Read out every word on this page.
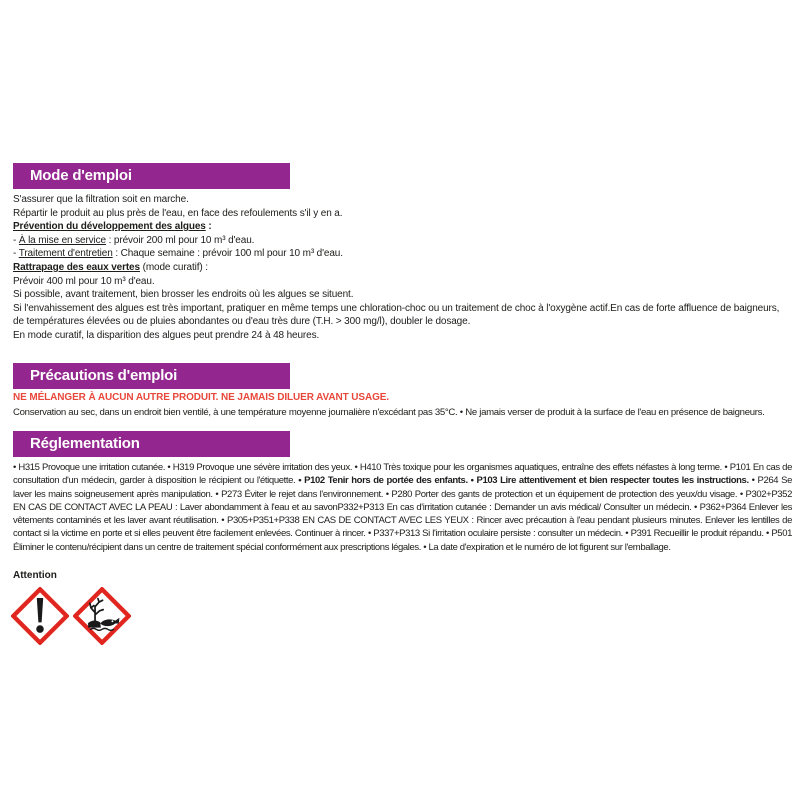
Mode d'emploi
S'assurer que la filtration soit en marche.
Répartir le produit au plus près de l'eau, en face des refoulements s'il y en a.
Prévention du développement des algues :
- À la mise en service : prévoir 200 ml pour 10 m³ d'eau.
- Traitement d'entretien : Chaque semaine : prévoir 100 ml pour 10 m³ d'eau.
Rattrapage des eaux vertes (mode curatif) :
Prévoir 400 ml pour 10 m³ d'eau.
Si possible, avant traitement, bien brosser les endroits où les algues se situent.
Si l'envahissement des algues est très important, pratiquer en même temps une chloration-choc ou un traitement de choc à l'oxygène actif.En cas de forte affluence de baigneurs, de températures élevées ou de pluies abondantes ou d'eau très dure (T.H. > 300 mg/l), doubler le dosage.
En mode curatif, la disparition des algues peut prendre 24 à 48 heures.
Précautions d'emploi
NE MÉLANGER À AUCUN AUTRE PRODUIT. NE JAMAIS DILUER AVANT USAGE.
Conservation au sec, dans un endroit bien ventilé, à une température moyenne journalière n'excédant pas 35°C. • Ne jamais verser de produit à la surface de l'eau en présence de baigneurs.
Réglementation
• H315 Provoque une irritation cutanée. • H319 Provoque une sévère irritation des yeux. • H410 Très toxique pour les organismes aquatiques, entraîne des effets néfastes à long terme. • P101 En cas de consultation d'un médecin, garder à disposition le récipient ou l'étiquette. • P102 Tenir hors de portée des enfants. • P103 Lire attentivement et bien respecter toutes les instructions. • P264 Se laver les mains soigneusement après manipulation. • P273 Éviter le rejet dans l'environnement. • P280 Porter des gants de protection et un équipement de protection des yeux/du visage. • P302+P352 EN CAS DE CONTACT AVEC LA PEAU : Laver abondamment à l'eau et au savonP332+P313 En cas d'irritation cutanée : Demander un avis médical/ Consulter un médecin. • P362+P364 Enlever les vêtements contaminés et les laver avant réutilisation. • P305+P351+P338 EN CAS DE CONTACT AVEC LES YEUX : Rincer avec précaution à l'eau pendant plusieurs minutes. Enlever les lentilles de contact si la victime en porte et si elles peuvent être facilement enlevées. Continuer à rincer. • P337+P313 Si l'irritation oculaire persiste : consulter un médecin. • P391 Recueillir le produit répandu. • P501 Éliminer le contenu/récipient dans un centre de traitement spécial conformément aux prescriptions légales. • La date d'expiration et le numéro de lot figurent sur l'emballage.
Attention
